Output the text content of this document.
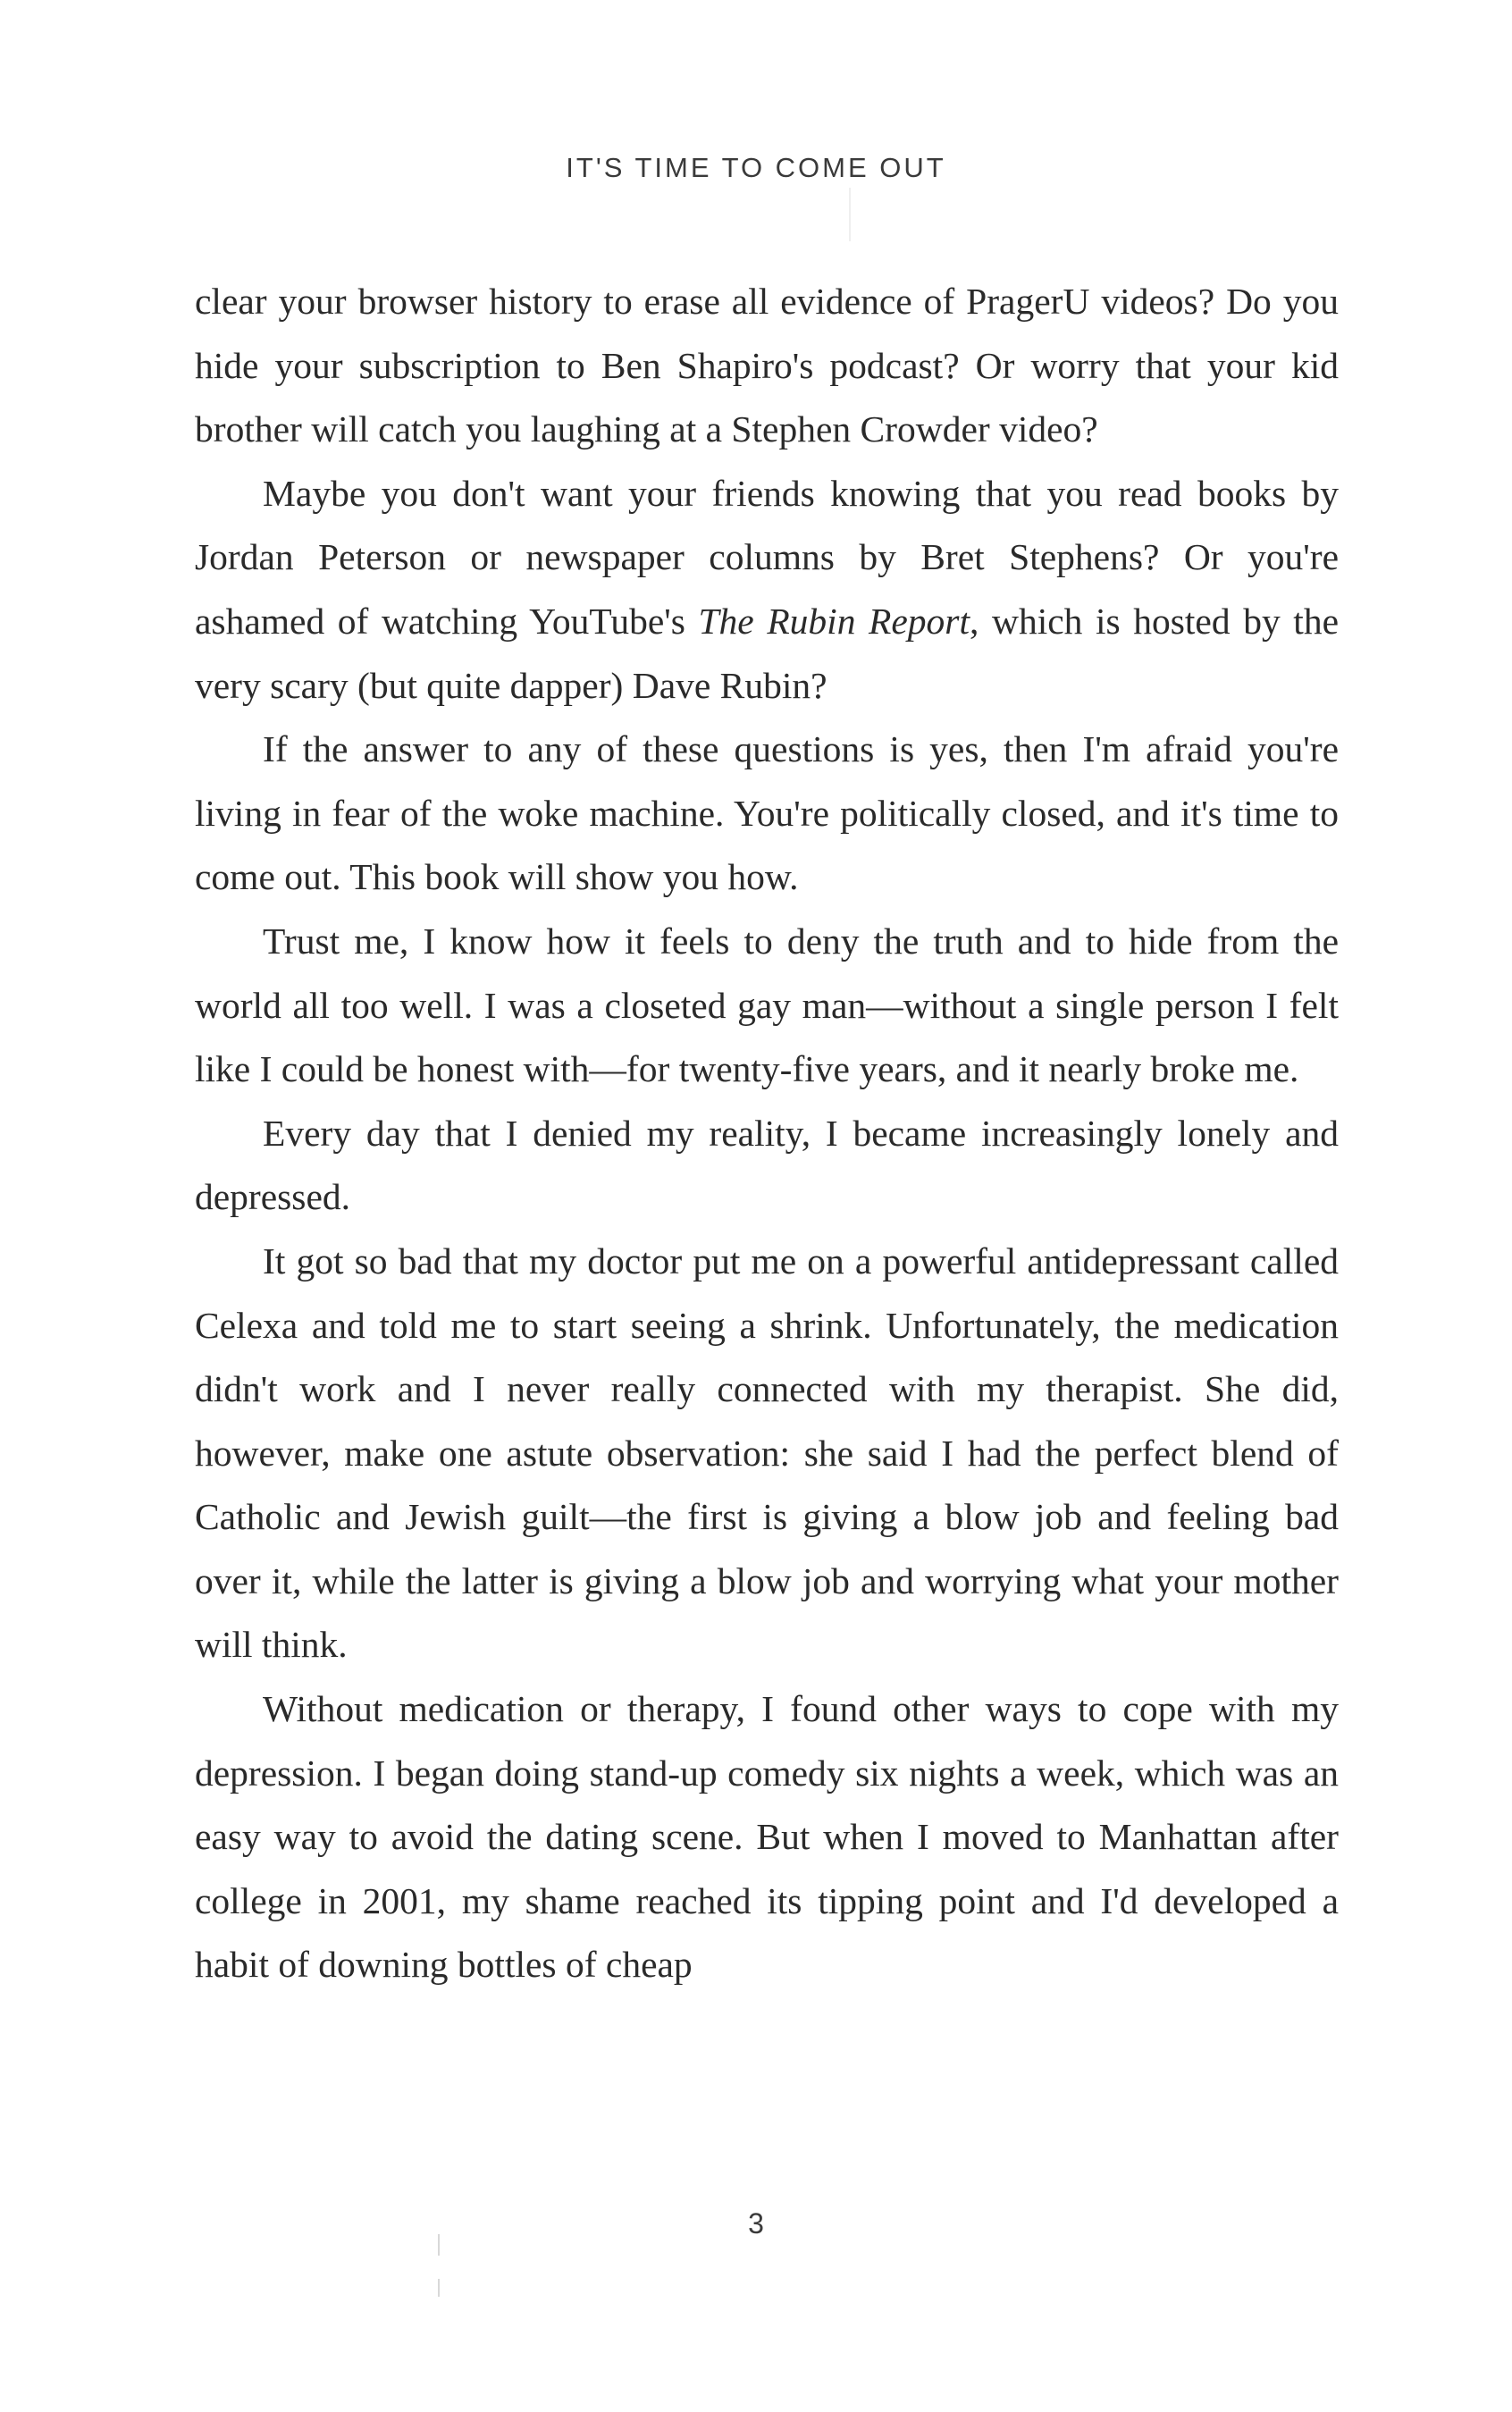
IT'S TIME TO COME OUT

clear your browser history to erase all evidence of PragerU videos? Do you hide your subscription to Ben Shapiro's podcast? Or worry that your kid brother will catch you laughing at a Stephen Crowder video?

Maybe you don't want your friends knowing that you read books by Jordan Peterson or newspaper columns by Bret Stephens? Or you're ashamed of watching YouTube's The Rubin Report, which is hosted by the very scary (but quite dapper) Dave Rubin?

If the answer to any of these questions is yes, then I'm afraid you're living in fear of the woke machine. You're politically closed, and it's time to come out. This book will show you how.

Trust me, I know how it feels to deny the truth and to hide from the world all too well. I was a closeted gay man—without a single person I felt like I could be honest with—for twenty-five years, and it nearly broke me.

Every day that I denied my reality, I became increasingly lonely and depressed.

It got so bad that my doctor put me on a powerful antidepressant called Celexa and told me to start seeing a shrink. Unfortunately, the medication didn't work and I never really connected with my therapist. She did, however, make one astute observation: she said I had the perfect blend of Catholic and Jewish guilt—the first is giving a blow job and feeling bad over it, while the latter is giving a blow job and worrying what your mother will think.

Without medication or therapy, I found other ways to cope with my depression. I began doing stand-up comedy six nights a week, which was an easy way to avoid the dating scene. But when I moved to Manhattan after college in 2001, my shame reached its tipping point and I'd developed a habit of downing bottles of cheap

3
